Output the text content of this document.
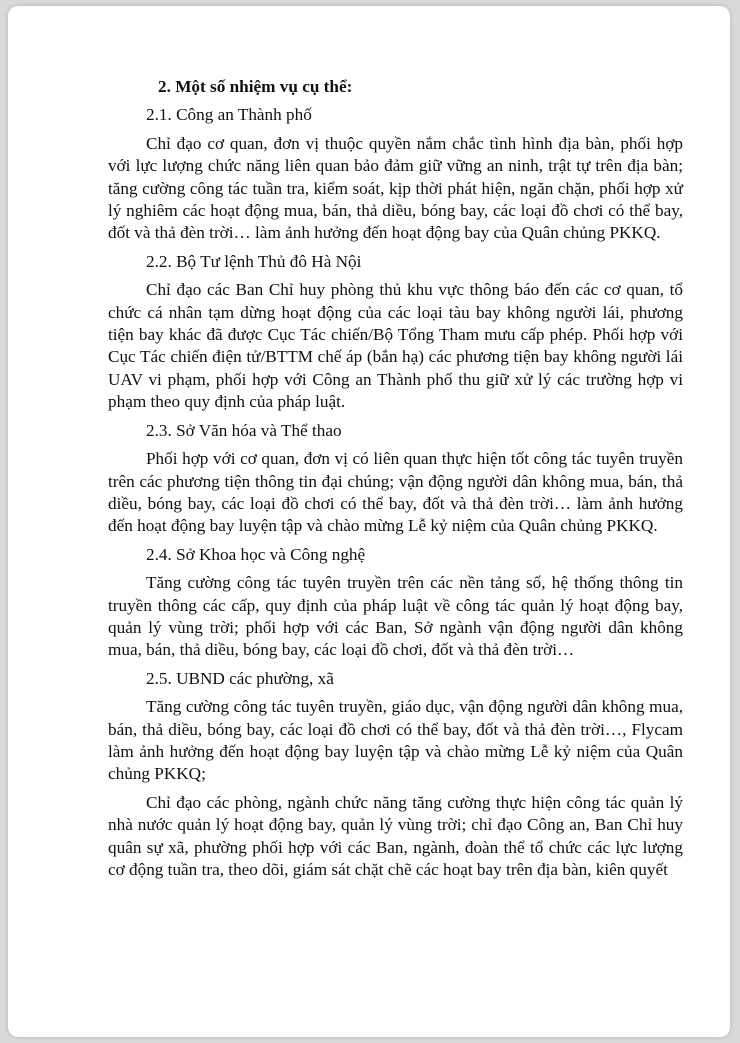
2. Một số nhiệm vụ cụ thể:
2.1. Công an Thành phố
Chỉ đạo cơ quan, đơn vị thuộc quyền nắm chắc tình hình địa bàn, phối hợp với lực lượng chức năng liên quan bảo đảm giữ vững an ninh, trật tự trên địa bàn; tăng cường công tác tuần tra, kiểm soát, kịp thời phát hiện, ngăn chặn, phối hợp xử lý nghiêm các hoạt động mua, bán, thả diều, bóng bay, các loại đồ chơi có thể bay, đốt và thả đèn trời… làm ảnh hưởng đến hoạt động bay của Quân chủng PKKQ.
2.2. Bộ Tư lệnh Thủ đô Hà Nội
Chỉ đạo các Ban Chỉ huy phòng thủ khu vực thông báo đến các cơ quan, tổ chức cá nhân tạm dừng hoạt động của các loại tàu bay không người lái, phương tiện bay khác đã được Cục Tác chiến/Bộ Tổng Tham mưu cấp phép. Phối hợp với Cục Tác chiến điện tử/BTTM chế áp (bắn hạ) các phương tiện bay không người lái UAV vi phạm, phối hợp với Công an Thành phố thu giữ xử lý các trường hợp vi phạm theo quy định của pháp luật.
2.3. Sở Văn hóa và Thể thao
Phối hợp với cơ quan, đơn vị có liên quan thực hiện tốt công tác tuyên truyền trên các phương tiện thông tin đại chúng; vận động người dân không mua, bán, thả diều, bóng bay, các loại đồ chơi có thể bay, đốt và thả đèn trời… làm ảnh hưởng đến hoạt động bay luyện tập và chào mừng Lễ kỷ niệm của Quân chủng PKKQ.
2.4. Sở Khoa học và Công nghệ
Tăng cường công tác tuyên truyền trên các nền tảng số, hệ thống thông tin truyền thông các cấp, quy định của pháp luật về công tác quản lý hoạt động bay, quản lý vùng trời; phối hợp với các Ban, Sở ngành vận động người dân không mua, bán, thả diều, bóng bay, các loại đồ chơi, đốt và thả đèn trời…
2.5. UBND các phường, xã
Tăng cường công tác tuyên truyền, giáo dục, vận động người dân không mua, bán, thả diều, bóng bay, các loại đồ chơi có thể bay, đốt và thả đèn trời…, Flycam làm ảnh hưởng đến hoạt động bay luyện tập và chào mừng Lễ kỷ niệm của Quân chủng PKKQ;
Chỉ đạo các phòng, ngành chức năng tăng cường thực hiện công tác quản lý nhà nước quản lý hoạt động bay, quản lý vùng trời; chỉ đạo Công an, Ban Chỉ huy quân sự xã, phường phối hợp với các Ban, ngành, đoàn thể tổ chức các lực lượng cơ động tuần tra, theo dõi, giám sát chặt chẽ các hoạt bay trên địa bàn, kiên quyết
